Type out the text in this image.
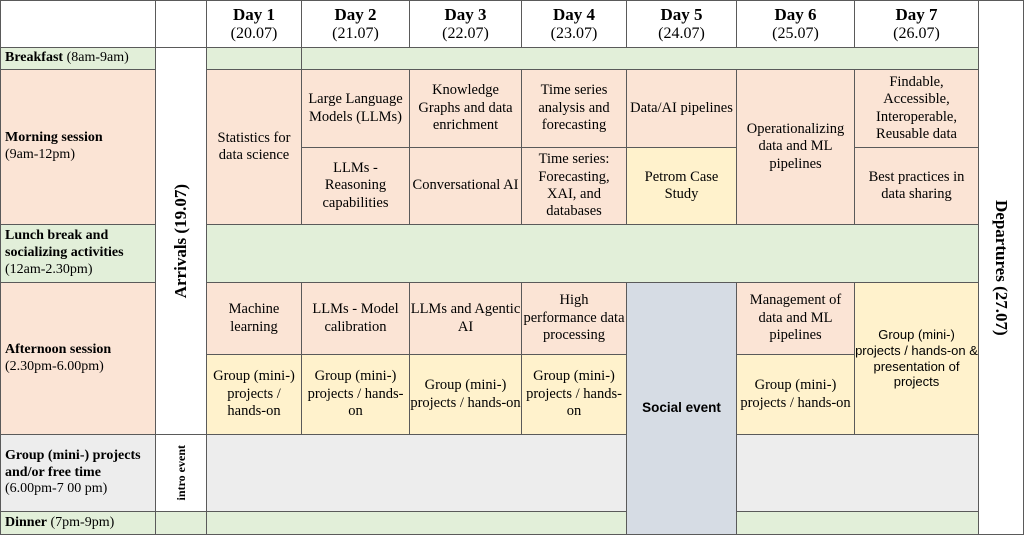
Day 1
(20.07)
Day 2
(21.07)
Day 3
(22.07)
Day 4
(23.07)
Day 5
(24.07)
Day 6
(25.07)
Day 7
(26.07)
Departures (27.07)
Breakfast (8am-9am)
Morning session
(9am-12pm)
Lunch break and socializing activities
(12am-2.30pm)
Afternoon session
(2.30pm-6.00pm)
Group (mini-) projects and/or free time
(6.00pm-7 00 pm)
Dinner (7pm-9pm)
Arrivals (19.07)
intro event
Statistics for data science
Large Language Models (LLMs)
LLMs - Reasoning capabilities
Knowledge Graphs and data enrichment
Conversational AI
Time series analysis and forecasting
Time series: Forecasting, XAI, and databases
Data/AI pipelines
Petrom Case Study
Operationalizing data and ML pipelines
Findable, Accessible, Interoperable, Reusable data
Best practices in data sharing
Machine learning
Group (mini-) projects / hands-on
LLMs - Model calibration
Group (mini-) projects / hands-on
LLMs and Agentic AI
Group (mini-) projects / hands-on
High performance data processing
Group (mini-) projects / hands-on	Social event
Management of data and ML pipelines
Group (mini-) projects / hands-on
Group (mini-) projects / hands-on & presentation of projects
